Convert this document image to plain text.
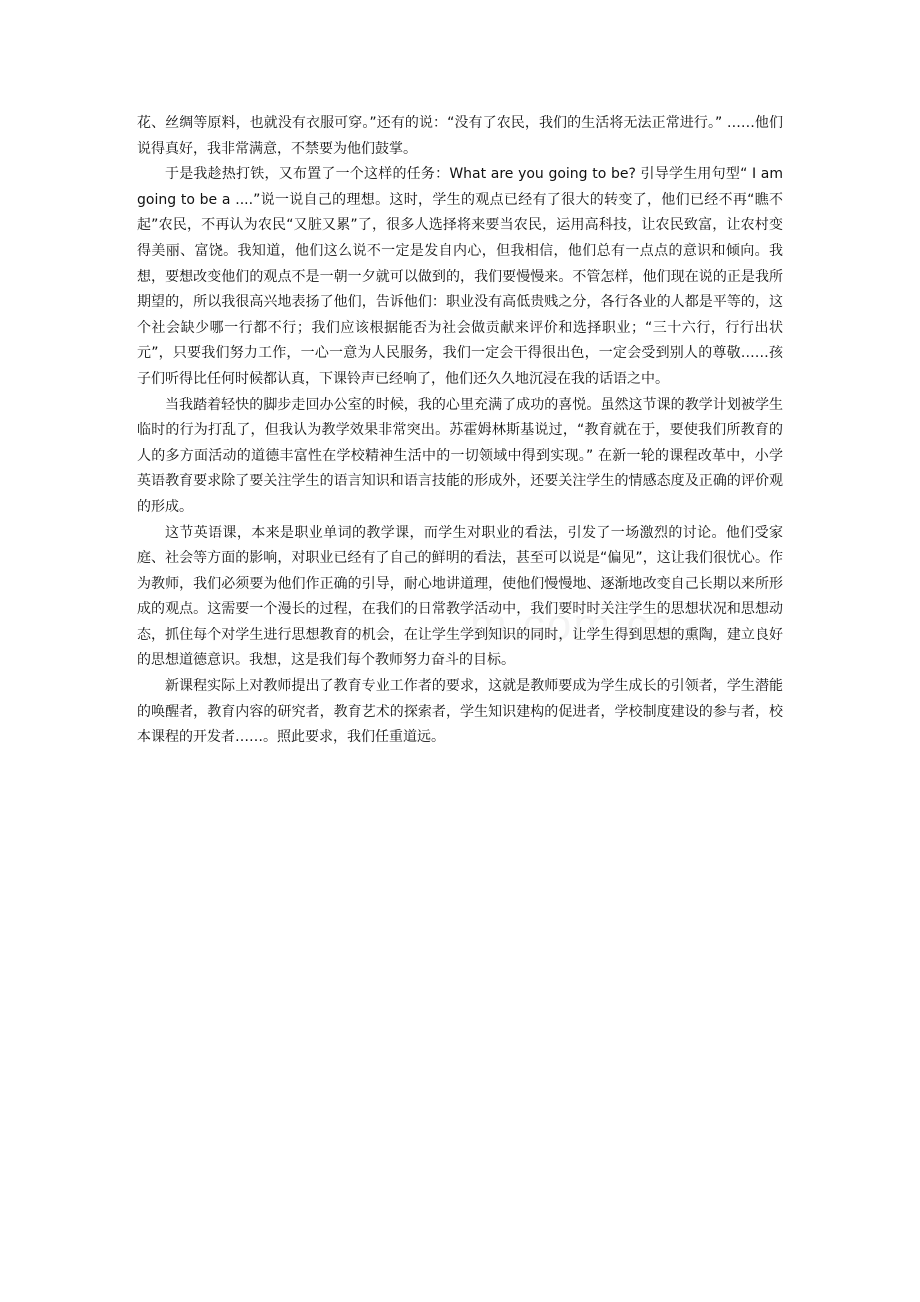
花、丝绸等原料，也就没有衣服可穿。”还有的说：“没有了农民，我们的生活将无法正常进行。” ……他们说得真好，我非常满意，不禁要为他们鼓掌。

于是我趁热打铁，又布置了一个这样的任务：What are you going to be? 引导学生用句型“ I am going to be a ....”说一说自己的理想。这时，学生的观点已经有了很大的转变了，他们已经不再“瞧不起”农民，不再认为农民“又脏又累”了，很多人选择将来要当农民，运用高科技，让农民致富，让农村变得美丽、富饶。我知道，他们这么说不一定是发自内心，但我相信，他们总有一点点的意识和倾向。我想，要想改变他们的观点不是一朝一夕就可以做到的，我们要慢慢来。不管怎样，他们现在说的正是我所期望的，所以我很高兴地表扬了他们，告诉他们：职业没有高低贵贱之分，各行各业的人都是平等的，这个社会缺少哪一行都不行；我们应该根据能否为社会做贡献来评价和选择职业；“三十六行，行行出状元”，只要我们努力工作，一心一意为人民服务，我们一定会干得很出色，一定会受到别人的尊敬……孩子们听得比任何时候都认真，下课铃声已经响了，他们还久久地沉浸在我的话语之中。

当我踏着轻快的脚步走回办公室的时候，我的心里充满了成功的喜悦。虽然这节课的教学计划被学生临时的行为打乱了，但我认为教学效果非常突出。苏霍姆林斯基说过，“教育就在于，要使我们所教育的人的多方面活动的道德丰富性在学校精神生活中的一切领域中得到实现。” 在新一轮的课程改革中，小学英语教育要求除了要关注学生的语言知识和语言技能的形成外，还要关注学生的情感态度及正确的评价观的形成。

这节英语课，本来是职业单词的教学课，而学生对职业的看法，引发了一场激烈的讨论。他们受家庭、社会等方面的影响，对职业已经有了自己的鲜明的看法，甚至可以说是“偏见”，这让我们很忧心。作为教师，我们必须要为他们作正确的引导，耐心地讲道理，使他们慢慢地、逐渐地改变自己长期以来所形成的观点。这需要一个漫长的过程，在我们的日常教学活动中，我们要时时关注学生的思想状况和思想动态，抓住每个对学生进行思想教育的机会，在让学生学到知识的同时，让学生得到思想的熏陶，建立良好的思想道德意识。我想，这是我们每个教师努力奋斗的目标。

新课程实际上对教师提出了教育专业工作者的要求，这就是教师要成为学生成长的引领者，学生潜能的唤醒者，教育内容的研究者，教育艺术的探索者，学生知识建构的促进者，学校制度建设的参与者，校本课程的开发者……。照此要求，我们任重道远。
